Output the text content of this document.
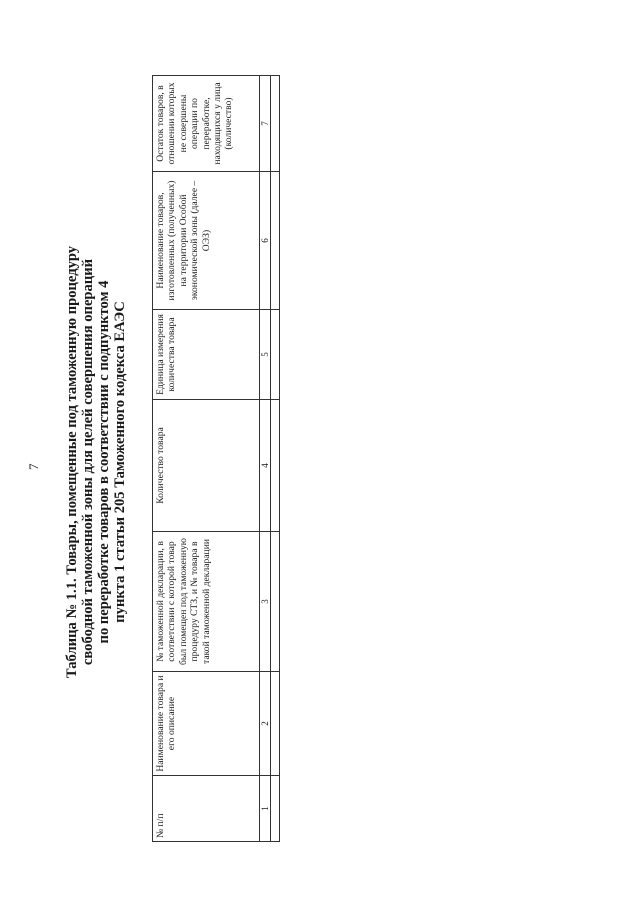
7 Таблица № 1.1. Товары, помещенные под таможенную процедуру свободной таможенной зоны для целей совершения операций по переработке товаров в соответствии с подпунктом 4 пункта 1 статьи 205 Таможенного кодекса ЕАЭС
№ п/п	Наименование товара и его описание	№ таможенной декларации, в соответствии с которой товар был помещен под таможенную процедуру СТЗ, и № товара в такой таможенной декларации	Количество товара	Единица измерения количества товара	Наименование товаров, изготовленных (полученных) на территории Особой экономической зоны (далее – ОЭЗ)	Остаток товаров, в отношении которых не совершены операции по переработке, находящихся у лица (количество)
1	2	3	4	5	6	7
